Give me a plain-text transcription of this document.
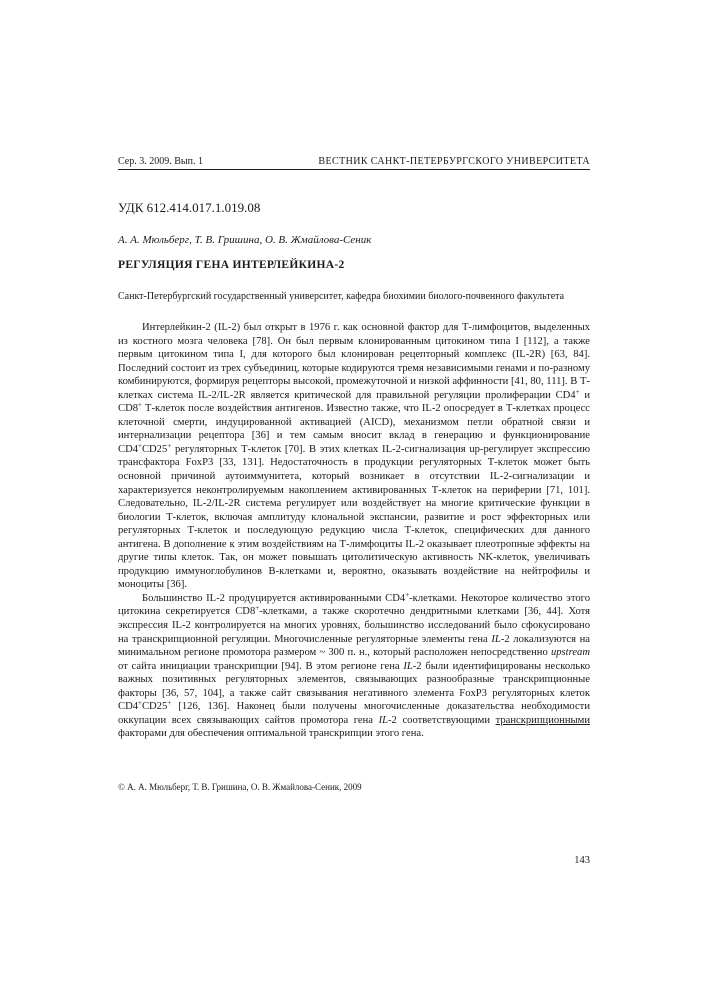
Сер. 3. 2009. Вып. 1	ВЕСТНИК САНКТ-ПЕТЕРБУРГСКОГО УНИВЕРСИТЕТА
УДК 612.414.017.1.019.08
А. А. Мюльберг, Т. В. Гришина, О. В. Жмайлова-Сеник
РЕГУЛЯЦИЯ ГЕНА ИНТЕРЛЕЙКИНА-2
Санкт-Петербургский государственный университет, кафедра биохимии биолого-почвенного факультета

Интерлейкин-2 (IL-2) был открыт в 1976 г. как основной фактор для Т-лимфоцитов, выделенных из костного мозга человека [78]. Он был первым клонированным цитокином типа I [112], а также первым цитокином типа I, для которого был клонирован рецепторный комплекс (IL-2R) [63, 84]. Последний состоит из трех субъединиц, которые кодируются тремя независимыми генами и по-разному комбинируются, формируя рецепторы высокой, промежуточной и низкой аффинности [41, 80, 111]. В Т-клетках система IL-2/IL-2R является критической для правильной регуляции пролиферации CD4+ и CD8+ Т-клеток после воздействия антигенов. Известно также, что IL-2 опосредует в Т-клетках процесс клеточной смерти, индуцированной активацией (AICD), механизмом петли обратной связи и интернализации рецептора [36] и тем самым вносит вклад в генерацию и функционирование CD4+CD25+ регуляторных Т-клеток [70]. В этих клетках IL-2-сигнализация up-регулирует экспрессию трансфактора FoxP3 [33, 131]. Недостаточность в продукции регуляторных Т-клеток может быть основной причиной аутоиммунитета, который возникает в отсутствии IL-2-сигнализации и характеризуется неконтролируемым накоплением активированных Т-клеток на периферии [71, 101]. Следовательно, IL-2/IL-2R система регулирует или воздействует на многие критические функции в биологии Т-клеток, включая амплитуду клональной экспансии, развитие и рост эффекторных или регуляторных Т-клеток и последующую редукцию числа Т-клеток, специфических для данного антигена. В дополнение к этим воздействиям на Т-лимфоциты IL-2 оказывает плеотропные эффекты на другие типы клеток. Так, он может повышать цитолитическую активность NK-клеток, увеличивать продукцию иммуноглобулинов В-клетками и, вероятно, оказывать воздействие на нейтрофилы и моноциты [36].

Большинство IL-2 продуцируется активированными CD4+-клетками. Некоторое количество этого цитокина секретируется CD8+-клетками, а также скоротечно дендритными клетками [36, 44]. Хотя экспрессия IL-2 контролируется на многих уровнях, большинство исследований было сфокусировано на транскрипционной регуляции. Многочисленные регуляторные элементы гена IL-2 локализуются на минимальном регионе промотора размером ~ 300 п. н., который расположен непосредственно upstream от сайта инициации транскрипции [94]. В этом регионе гена IL-2 были идентифицированы несколько важных позитивных регуляторных элементов, связывающих разнообразные транскрипционные факторы [36, 57, 104], а также сайт связывания негативного элемента FoxP3 регуляторных клеток CD4+CD25+ [126, 136]. Наконец были получены многочисленные доказательства необходимости оккупации всех связывающих сайтов промотора гена IL-2 соответствующими транскрипционными факторами для обеспечения оптимальной транскрипции этого гена.

© А. А. Мюльберг, Т. В. Гришина, О. В. Жмайлова-Сеник, 2009
143
